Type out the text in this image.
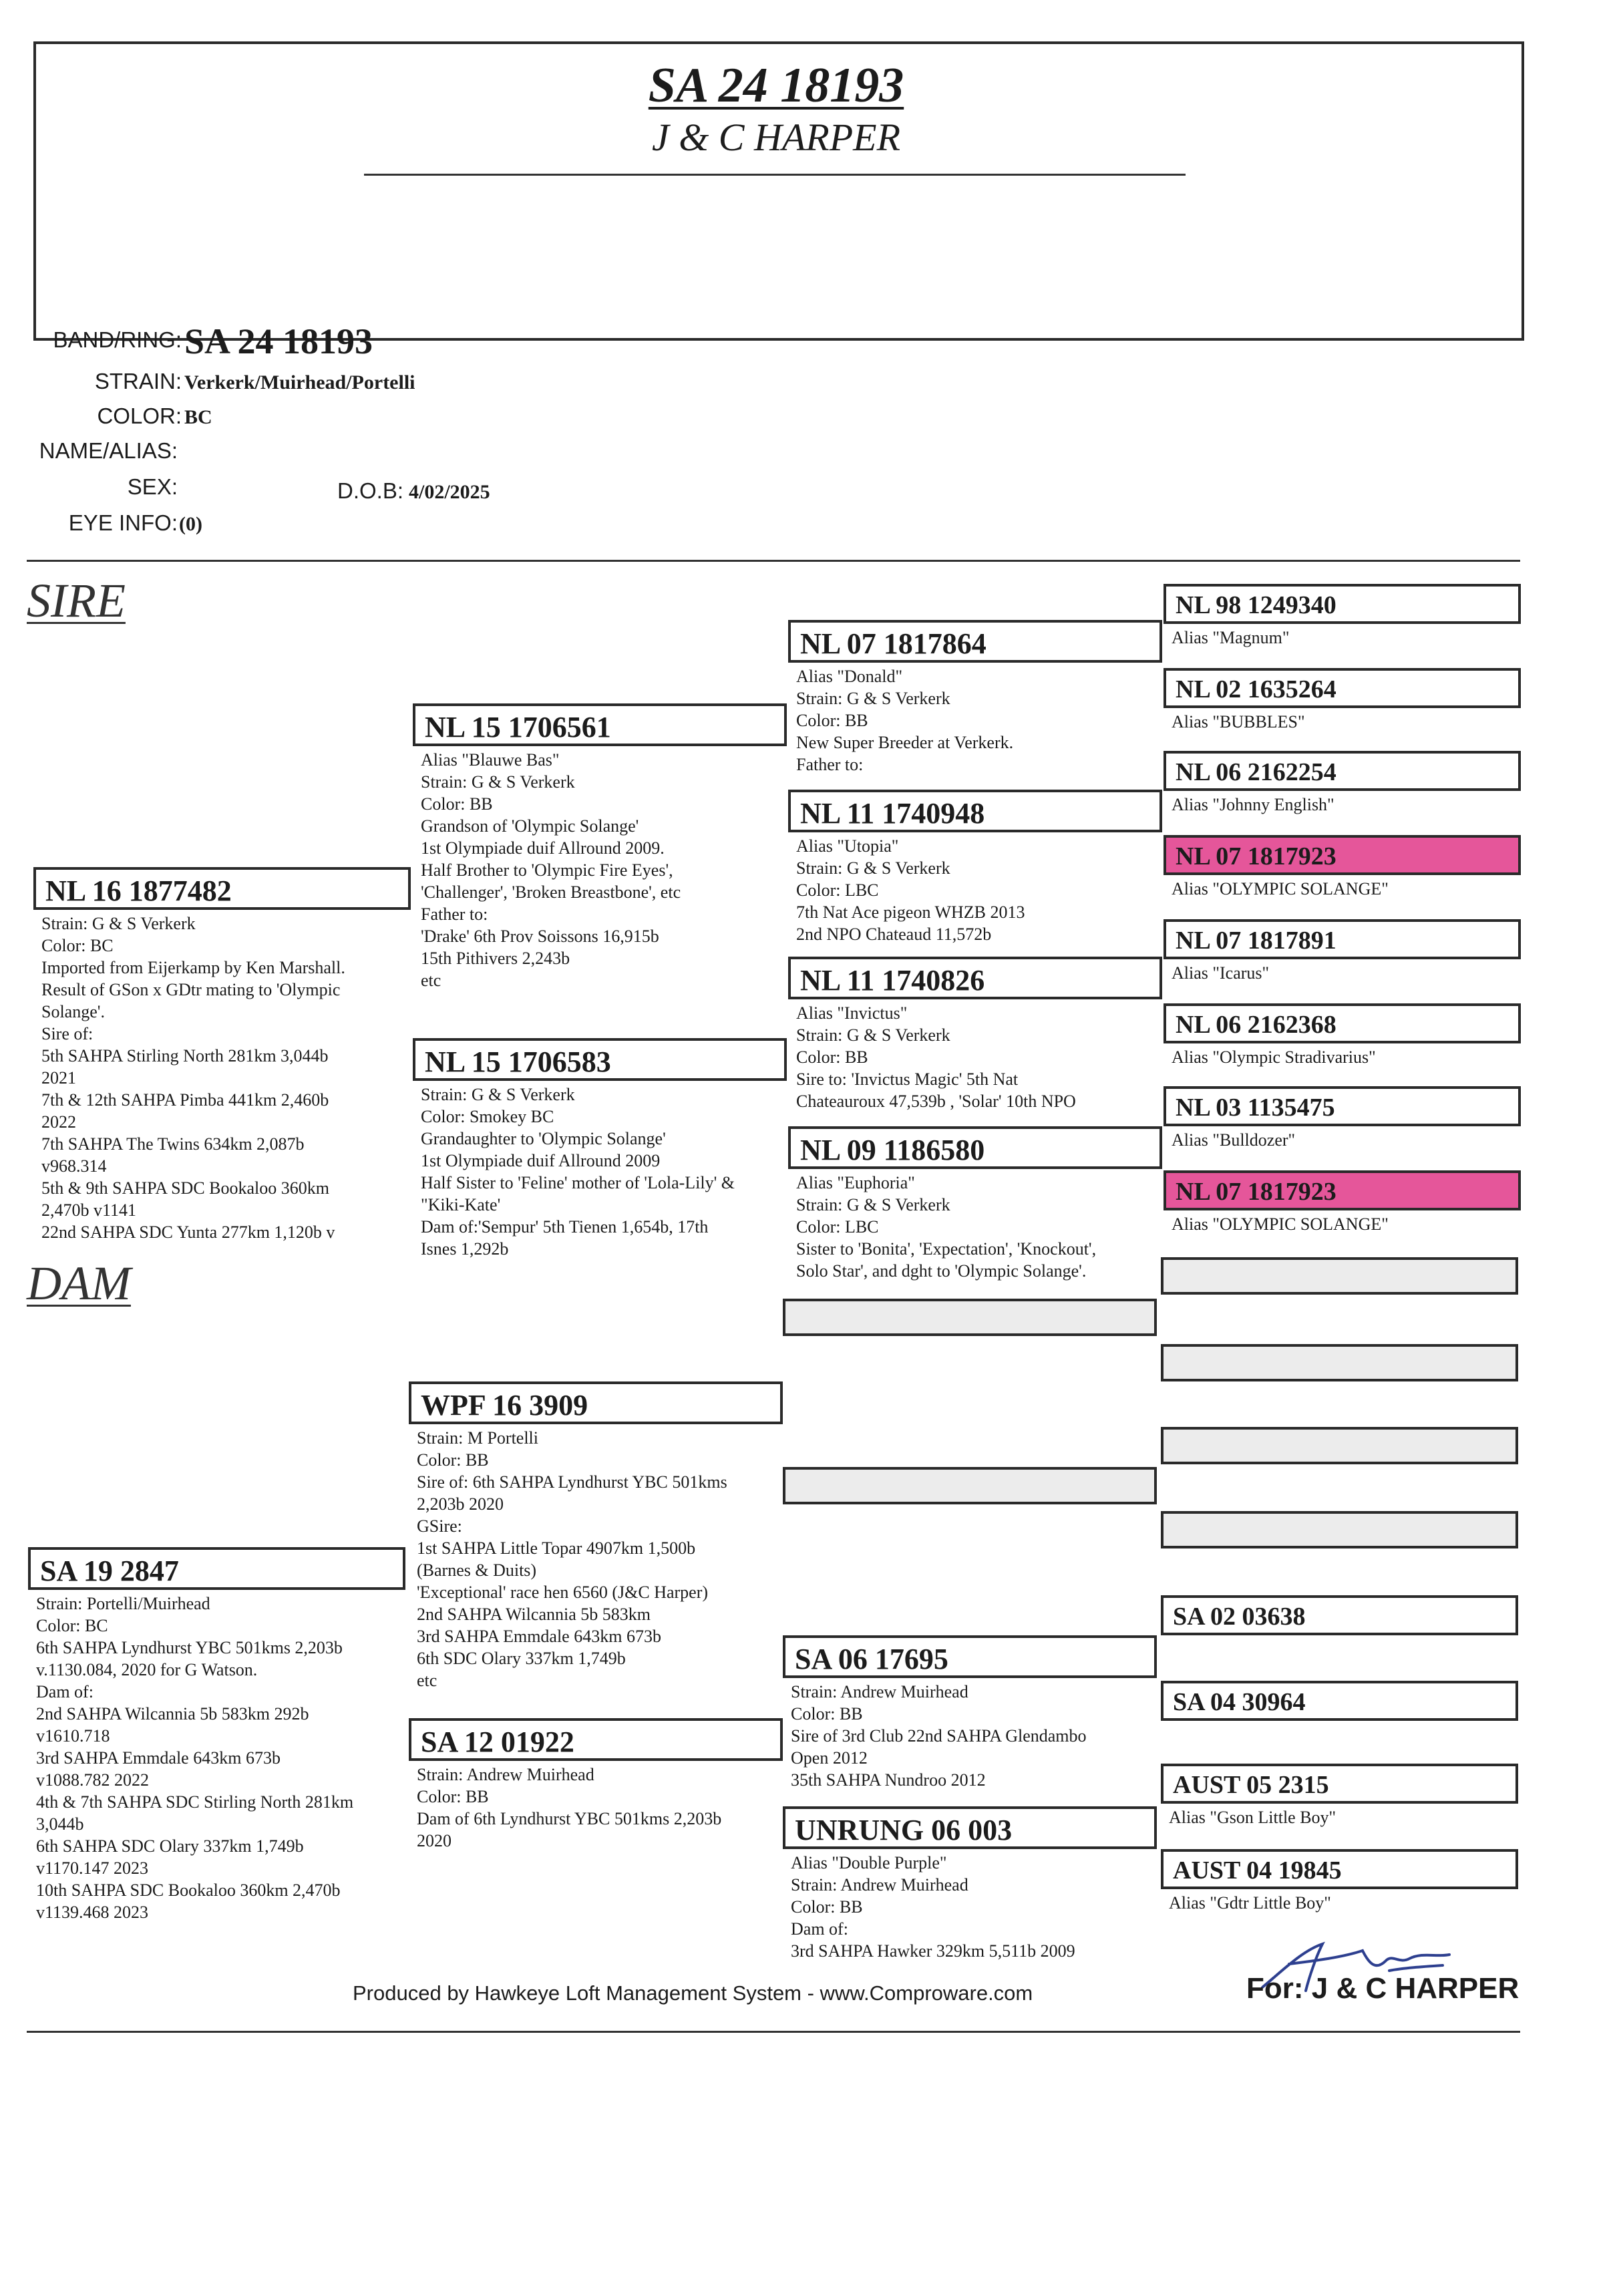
SA 24 18193
J & C HARPER
BAND/RING: SA 24 18193
STRAIN: Verkerk/Muirhead/Portelli
COLOR: BC
NAME/ALIAS:
SEX:	D.O.B: 4/02/2025
EYE INFO: (0)
SIRE
DAM
NL 16 1877482
Strain: G & S Verkerk
Color: BC
Imported from Eijerkamp by Ken Marshall.
Result of GSon x GDtr mating to 'Olympic
Solange'.
Sire of:
5th SAHPA Stirling North 281km 3,044b
2021
7th & 12th SAHPA Pimba 441km 2,460b
2022
7th SAHPA The Twins 634km 2,087b
v968.314
5th & 9th SAHPA SDC Bookaloo 360km
2,470b v1141
22nd SAHPA SDC Yunta 277km 1,120b v
SA 19 2847
Strain: Portelli/Muirhead
Color: BC
6th SAHPA Lyndhurst YBC 501kms 2,203b
v.1130.084, 2020 for G Watson.
Dam of:
2nd SAHPA Wilcannia 5b 583km 292b
v1610.718
3rd SAHPA Emmdale 643km 673b
v1088.782 2022
4th & 7th SAHPA SDC Stirling North 281km
3,044b
6th SAHPA SDC Olary 337km 1,749b
v1170.147 2023
10th SAHPA SDC Bookaloo 360km 2,470b
v1139.468 2023
NL 15 1706561
Alias "Blauwe Bas"
Strain: G & S Verkerk
Color: BB
Grandson of 'Olympic Solange'
1st Olympiade duif Allround 2009.
Half Brother to 'Olympic Fire Eyes',
'Challenger', 'Broken Breastbone', etc
Father to:
'Drake' 6th Prov Soissons 16,915b
15th Pithivers 2,243b
etc
NL 15 1706583
Strain: G & S Verkerk
Color: Smokey BC
Grandaughter to 'Olympic Solange'
1st Olympiade duif Allround 2009
Half Sister to 'Feline' mother of 'Lola-Lily' &
"Kiki-Kate'
Dam of:'Sempur' 5th Tienen 1,654b, 17th
Isnes 1,292b
WPF 16 3909
Strain: M Portelli
Color: BB
Sire of: 6th SAHPA Lyndhurst YBC 501kms
2,203b 2020
GSire:
1st SAHPA Little Topar 4907km 1,500b
(Barnes & Duits)
'Exceptional' race hen 6560 (J&C Harper)
2nd SAHPA Wilcannia 5b 583km
3rd SAHPA Emmdale 643km 673b
6th SDC Olary 337km 1,749b
etc
SA 12 01922
Strain: Andrew Muirhead
Color: BB
Dam of 6th Lyndhurst YBC 501kms 2,203b
2020
NL 07 1817864
Alias "Donald"
Strain: G & S Verkerk
Color: BB
New Super Breeder at Verkerk.
Father to:
NL 11 1740948
Alias "Utopia"
Strain: G & S Verkerk
Color: LBC
7th Nat Ace pigeon WHZB 2013
2nd NPO Chateaud 11,572b
NL 11 1740826
Alias "Invictus"
Strain: G & S Verkerk
Color: BB
Sire to: 'Invictus Magic' 5th Nat
Chateauroux 47,539b , 'Solar' 10th NPO
NL 09 1186580
Alias "Euphoria"
Strain: G & S Verkerk
Color: LBC
Sister to 'Bonita', 'Expectation', 'Knockout',
Solo Star', and dght to 'Olympic Solange'.
SA 06 17695
Strain: Andrew Muirhead
Color: BB
Sire of 3rd Club 22nd SAHPA Glendambo
Open 2012
35th SAHPA Nundroo 2012
UNRUNG 06 003
Alias "Double Purple"
Strain: Andrew Muirhead
Color: BB
Dam of:
3rd SAHPA Hawker 329km 5,511b 2009
NL 98 1249340
Alias "Magnum"
NL 02 1635264
Alias "BUBBLES"
NL 06 2162254
Alias "Johnny English"
NL 07 1817923
Alias "OLYMPIC SOLANGE"
NL 07 1817891
Alias "Icarus"
NL 06 2162368
Alias "Olympic Stradivarius"
NL 03 1135475
Alias "Bulldozer"
NL 07 1817923
Alias "OLYMPIC SOLANGE"
SA 02 03638
SA 04 30964
AUST 05 2315
Alias "Gson Little Boy"
AUST 04 19845
Alias "Gdtr Little Boy"
Produced by Hawkeye Loft Management System - www.Comproware.com	For: J & C HARPER
